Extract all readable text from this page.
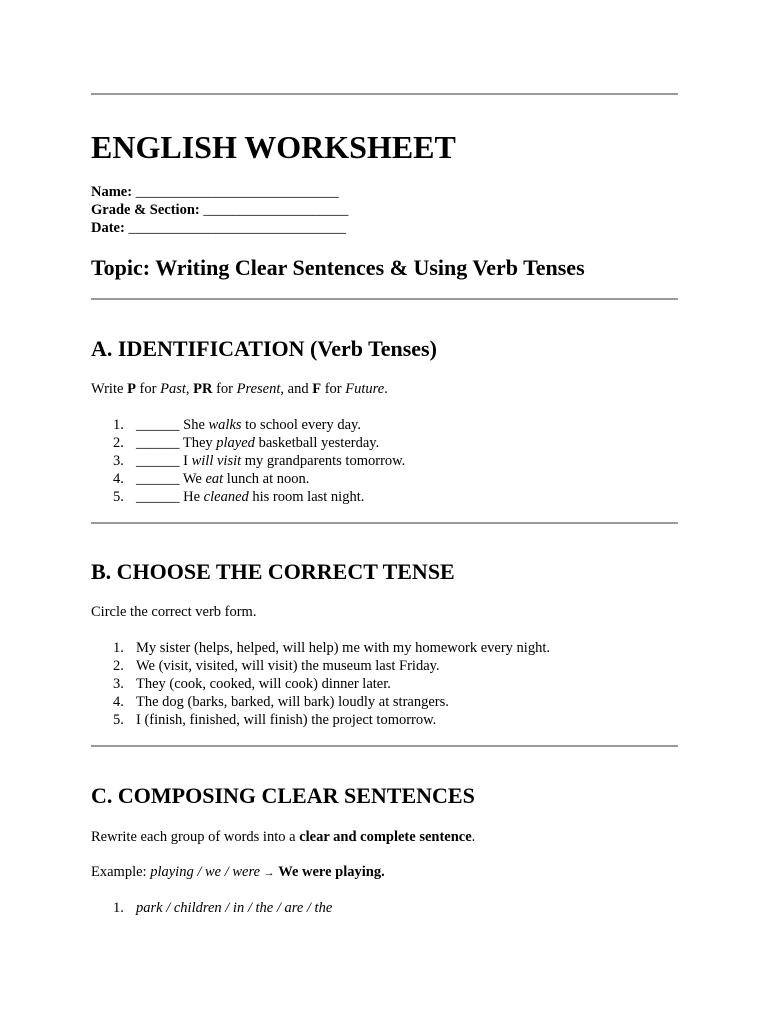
ENGLISH WORKSHEET

Name: ____________________________

Grade & Section: ____________________

Date: ______________________________

Topic: Writing Clear Sentences & Using Verb Tenses
A. IDENTIFICATION (Verb Tenses)

Write P for Past, PR for Present, and F for Future.

1. ______ She walks to school every day.
2. ______ They played basketball yesterday.
3. ______ I will visit my grandparents tomorrow.
4. ______ We eat lunch at noon.
5. ______ He cleaned his room last night.
B. CHOOSE THE CORRECT TENSE

Circle the correct verb form.

1. My sister (helps, helped, will help) me with my homework every night.
2. We (visit, visited, will visit) the museum last Friday.
3. They (cook, cooked, will cook) dinner later.
4. The dog (barks, barked, will bark) loudly at strangers.
5. I (finish, finished, will finish) the project tomorrow.
C. COMPOSING CLEAR SENTENCES

Rewrite each group of words into a clear and complete sentence.

Example: playing / we / were → We were playing.

1. park / children / in / the / are / the
